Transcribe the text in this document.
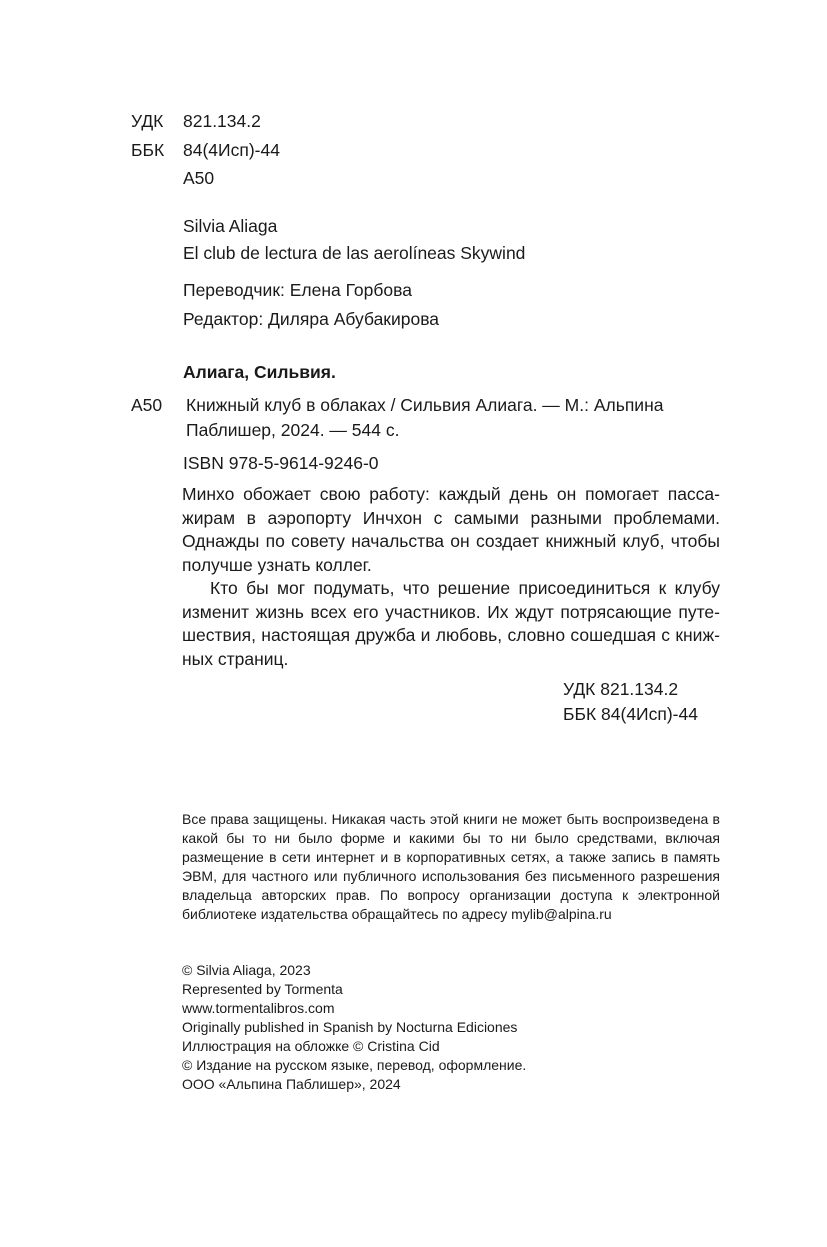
УДК 821.134.2
ББК 84(4Исп)-44
А50
Silvia Aliaga
El club de lectura de las aerolíneas Skywind
Переводчик: Елена Горбова
Редактор: Диляра Абубакирова
Алиага, Сильвия.
А50 Книжный клуб в облаках / Сильвия Алиага. — М.: Альпина
Паблишер, 2024. — 544 с.
ISBN 978-5-9614-9246-0

Минхо обожает свою работу: каждый день он помогает пассажирам в аэропорту Инчхон с самыми разными проблемами. Однажды по совету начальства он создает книжный клуб, чтобы получше узнать коллег.

Кто бы мог подумать, что решение присоединиться к клубу изменит жизнь всех его участников. Их ждут потрясающие путешествия, настоящая дружба и любовь, словно сошедшая с книжных страниц.

УДК 821.134.2
ББК 84(4Исп)-44
Все права защищены. Никакая часть этой книги не может быть воспроизведена в какой бы то ни было форме и какими бы то ни было средствами, включая размещение в сети интернет и в корпоративных сетях, а также запись в память ЭВМ, для частного или публичного использования без письменного разрешения владельца авторских прав. По вопросу организации доступа к электронной библиотеке издательства обращайтесь по адресу mylib@alpina.ru
© Silvia Aliaga, 2023
Represented by Tormenta
www.tormentalibros.com
Originally published in Spanish by Nocturna Ediciones
Иллюстрация на обложке © Cristina Cid
© Издание на русском языке, перевод, оформление.
ООО «Альпина Паблишер», 2024
